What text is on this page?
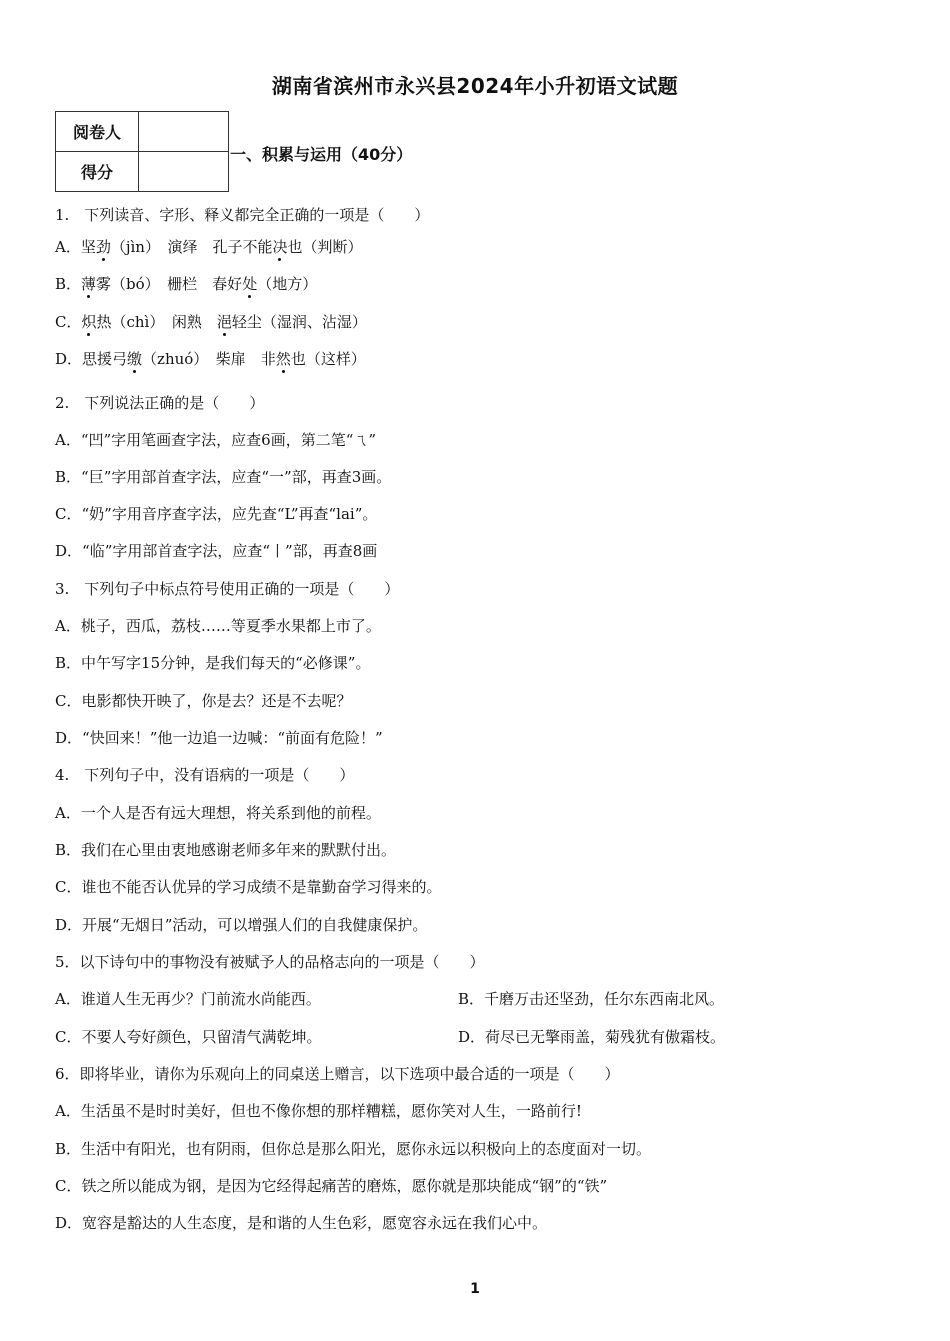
湖南省滨州市永兴县2024年小升初语文试题
阅卷人	
得分	
一、积累与运用（40分）
1.　下列读音、字形、释义都完全正确的一项是（　　）
A．坚劲（jìn）　演绎　孔子不能决也（判断）
B．薄雾（bó）　栅栏　春好处（地方）
C．炽热（chì）　闲熟　浥轻尘（湿润、沾湿）
D．思援弓缴（zhuó）　柴扉　非然也（这样）
2.　下列说法正确的是（　　）
A．“凹”字用笔画查字法，应查6画，第二笔“ㄟ”
B．“巨”字用部首查字法，应查“一”部，再查3画。
C．“奶”字用音序查字法，应先查“L”再查“lai”。
D．“临”字用部首查字法，应查“丨”部，再查8画
3.　下列句子中标点符号使用正确的一项是（　　）
A．桃子，西瓜，荔枝……等夏季水果都上市了。
B．中午写字15分钟，是我们每天的“必修课”。
C．电影都快开映了，你是去？还是不去呢？
D．“快回来！”他一边追一边喊：“前面有危险！”
4.　下列句子中，没有语病的一项是（　　）
A．一个人是否有远大理想，将关系到他的前程。
B．我们在心里由衷地感谢老师多年来的默默付出。
C．谁也不能否认优异的学习成绩不是靠勤奋学习得来的。
D．开展“无烟日”活动，可以增强人们的自我健康保护。
5．以下诗句中的事物没有被赋予人的品格志向的一项是（　　）
A．谁道人生无再少？门前流水尚能西。	B．千磨万击还坚劲，任尔东西南北风。
C．不要人夸好颜色，只留清气满乾坤。	D．荷尽已无擎雨盖，菊残犹有傲霜枝。
6．即将毕业，请你为乐观向上的同桌送上赠言，以下选项中最合适的一项是（　　）
A．生活虽不是时时美好，但也不像你想的那样糟糕，愿你笑对人生，一路前行!
B．生活中有阳光，也有阴雨，但你总是那么阳光，愿你永远以积极向上的态度面对一切。
C．铁之所以能成为钢，是因为它经得起痛苦的磨炼，愿你就是那块能成“钢”的“铁”
D．宽容是豁达的人生态度，是和谐的人生色彩，愿宽容永远在我们心中。
1
